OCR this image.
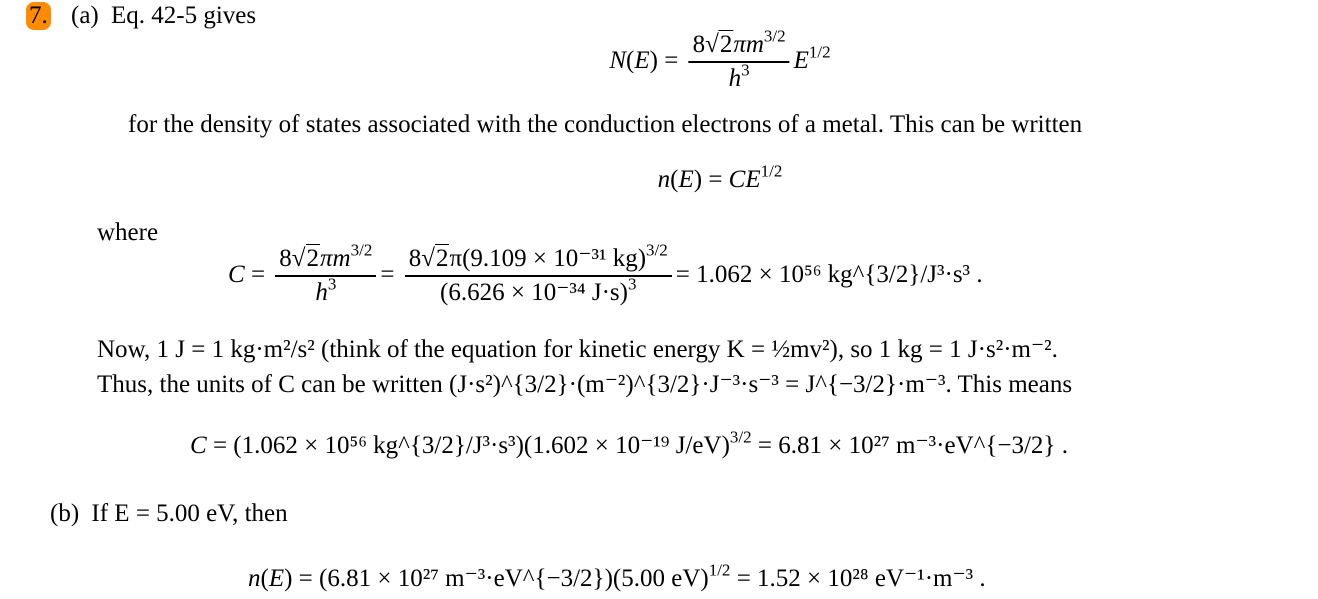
7. (a) Eq. 42-5 gives
$N(E) = \frac{8√2\pi m^{3/2}}{h^3} E^{1/2}$
for the density of states associated with the conduction electrons of a metal. This can be written
$n(E) = CE^{1/2}$
where
$C = \frac{8√2\pi m^{3/2}}{h^3} = \frac{8√2\pi(9.109 \times 10^{-31} kg)^{3/2}}{(6.626 \times 10^{-34} J\cdot s)^3} = 1.062 \times 10^{56}$ kg^{3/2}/J³·s³ .
Now, 1 J = 1 kg·m²/s² (think of the equation for kinetic energy K = ½mv²), so 1 kg = 1 J·s²·m⁻².
Thus, the units of C can be written (J·s²)^{3/2}·(m⁻²)^{3/2}·J⁻³·s⁻³ = J^{−3/2}·m⁻³. This means
C = (1.062 × 10⁵⁶ kg^{3/2}/J³·s³)(1.602 × 10⁻¹⁹ J/eV)$^{3/2}$ = 6.81 × 10²⁷ m⁻³·eV^{−3/2} .
(b) If E = 5.00 eV, then
n(E) = (6.81 × 10²⁷ m⁻³·eV^{−3/2})(5.00 eV)$^{1/2}$ = 1.52 × 10²⁸ eV⁻¹·m⁻³ .
